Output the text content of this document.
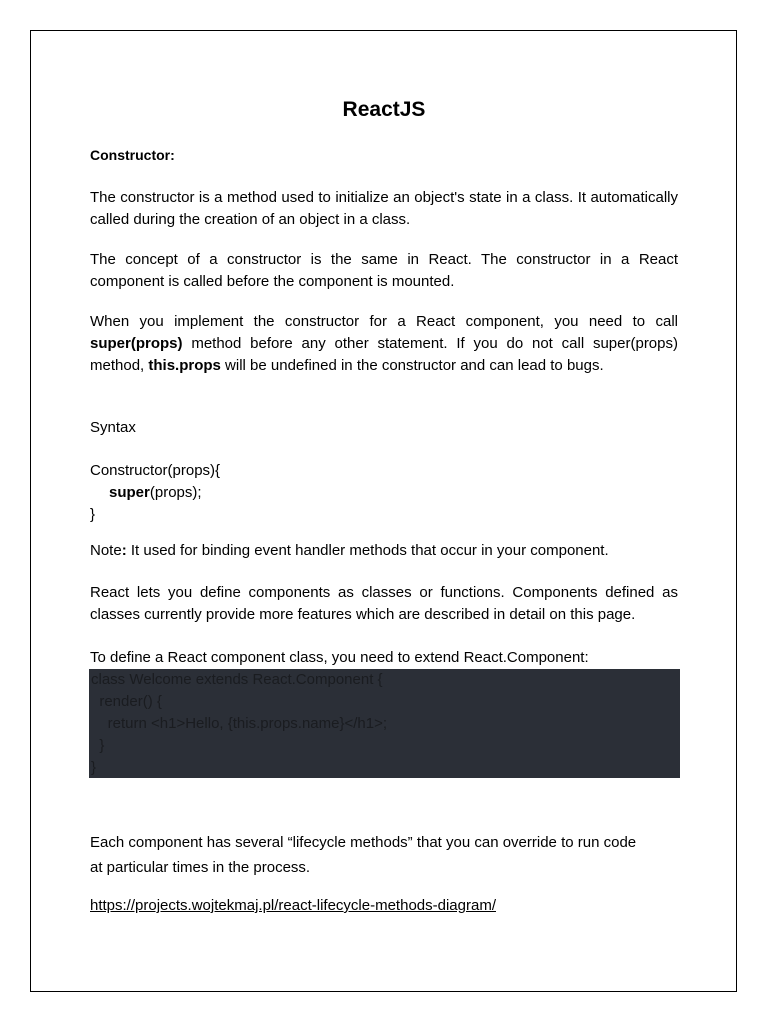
ReactJS

Constructor:

The constructor is a method used to initialize an object's state in a class. It automatically called during the creation of an object in a class.

The concept of a constructor is the same in React. The constructor in a React component is called before the component is mounted.

When you implement the constructor for a React component, you need to call super(props) method before any other statement. If you do not call super(props) method, this.props will be undefined in the constructor and can lead to bugs.

Syntax

Constructor(props){
super(props);
}

Note: It used for binding event handler methods that occur in your component.

React lets you define components as classes or functions. Components defined as classes currently provide more features which are described in detail on this page.

To define a React component class, you need to extend React.Component:

class Welcome extends React.Component {
render() {
return <h1>Hello, {this.props.name}</h1>;
}
}

Each component has several “lifecycle methods” that you can override to run code at particular times in the process.

https://projects.wojtekmaj.pl/react-lifecycle-methods-diagram/
